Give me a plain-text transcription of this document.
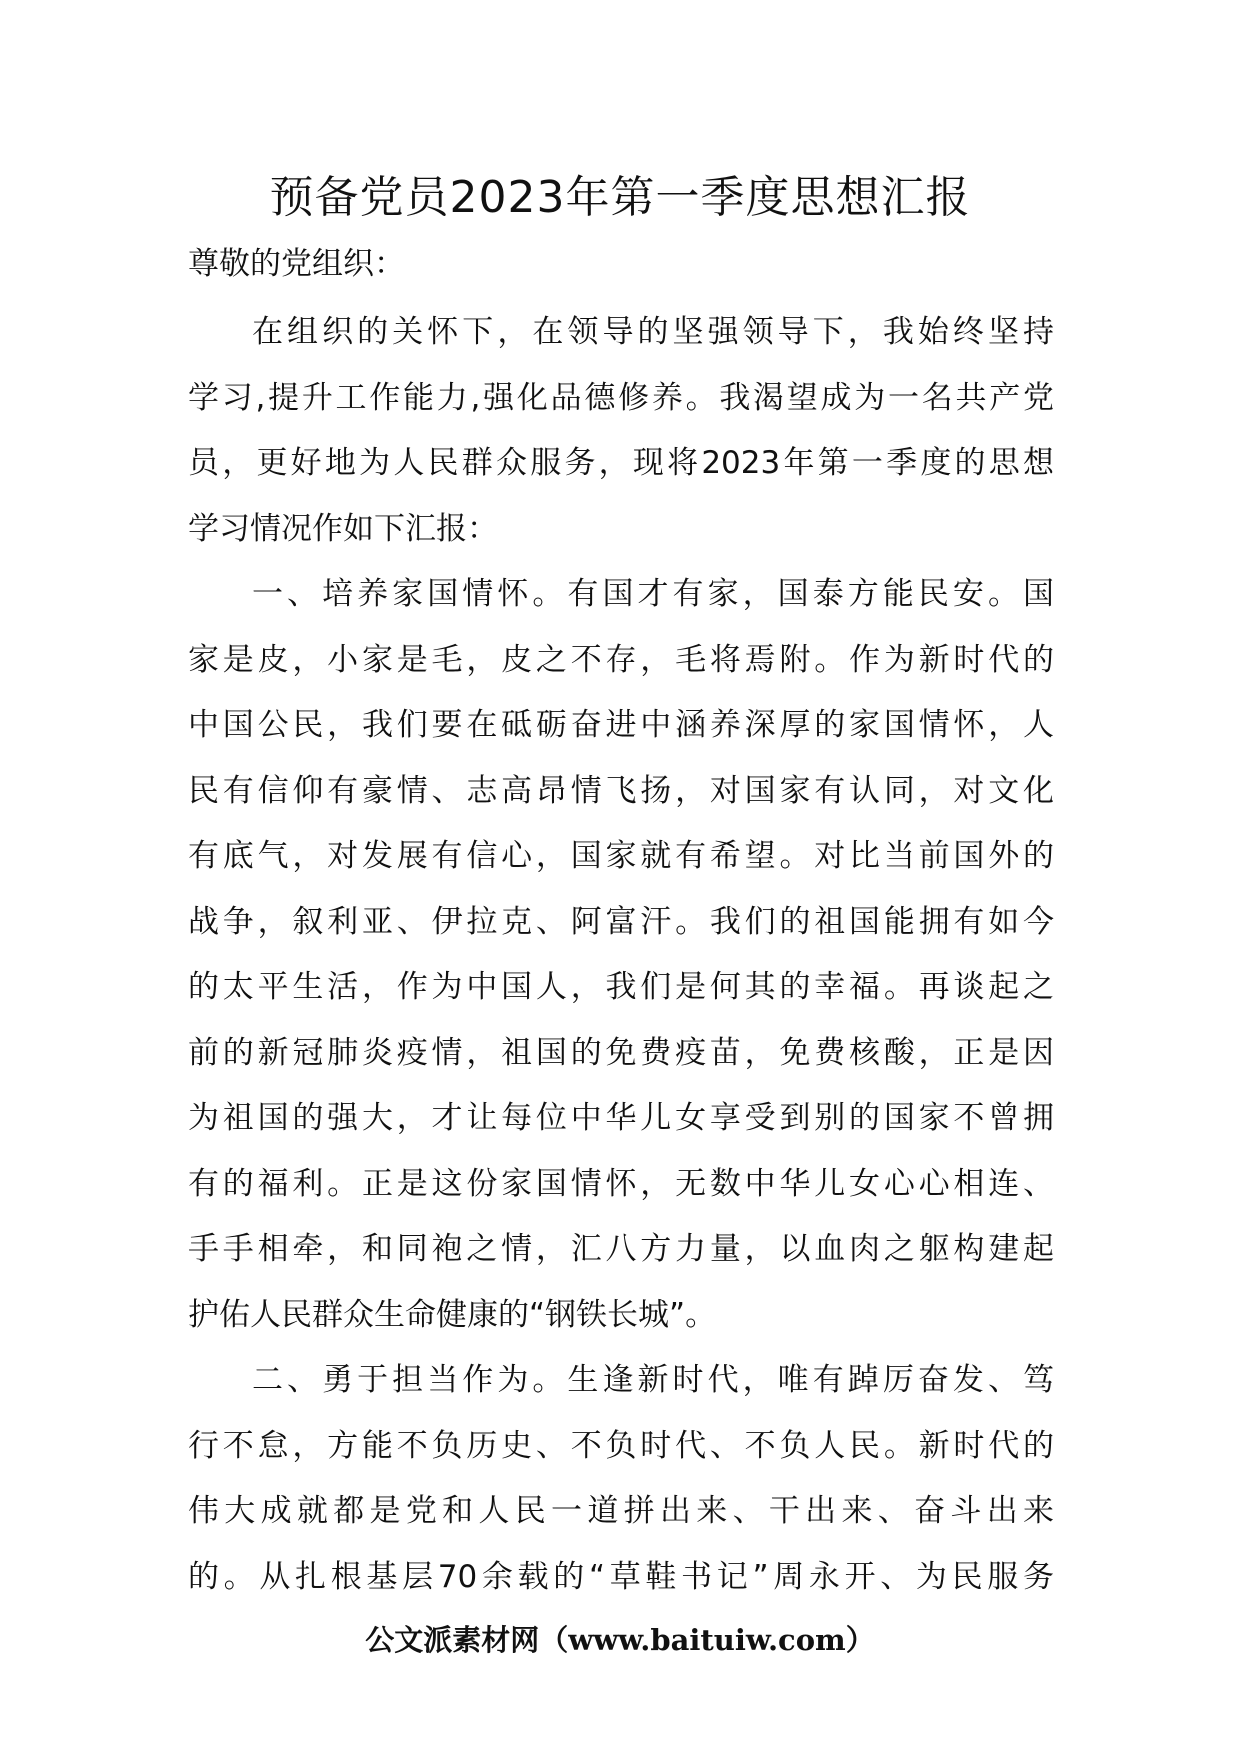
预备党员2023年第一季度思想汇报
尊敬的党组织：
在组织的关怀下，在领导的坚强领导下，我始终坚持
学习,提升工作能力,强化品德修养。我渴望成为一名共产党
员，更好地为人民群众服务，现将2023年第一季度的思想
学习情况作如下汇报：
一、培养家国情怀。有国才有家，国泰方能民安。国
家是皮，小家是毛，皮之不存，毛将焉附。作为新时代的
中国公民，我们要在砥砺奋进中涵养深厚的家国情怀，人
民有信仰有豪情、志高昂情飞扬，对国家有认同，对文化
有底气，对发展有信心，国家就有希望。对比当前国外的
战争，叙利亚、伊拉克、阿富汗。我们的祖国能拥有如今
的太平生活，作为中国人，我们是何其的幸福。再谈起之
前的新冠肺炎疫情，祖国的免费疫苗，免费核酸，正是因
为祖国的强大，才让每位中华儿女享受到别的国家不曾拥
有的福利。正是这份家国情怀，无数中华儿女心心相连、
手手相牵，和同袍之情，汇八方力量，以血肉之躯构建起
护佑人民群众生命健康的“钢铁长城”。
二、勇于担当作为。生逢新时代，唯有踔厉奋发、笃
行不怠，方能不负历史、不负时代、不负人民。新时代的
伟大成就都是党和人民一道拼出来、干出来、奋斗出来
的。从扎根基层70余载的“草鞋书记”周永开、为民服务
公文派素材网（www.baituiw.com）
